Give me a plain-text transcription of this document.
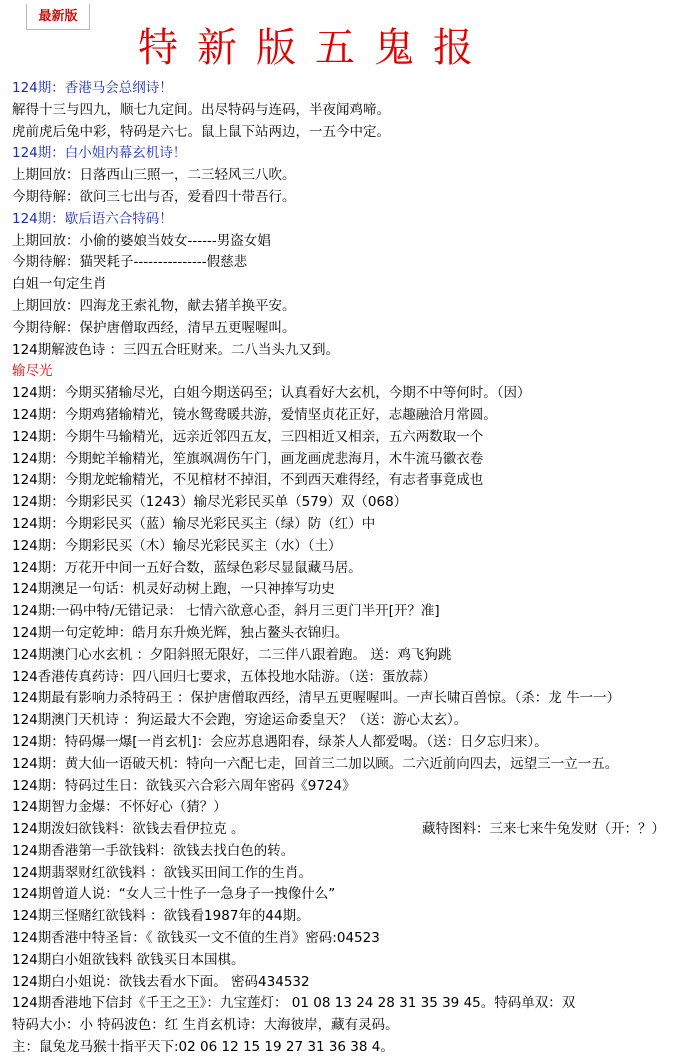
最新版
特新版五鬼报
124期：香港马会总纲诗！
解得十三与四九，顺七九定间。出尽特码与连码，半夜闻鸡啼。
虎前虎后兔中彩，特码是六七。鼠上鼠下站两边，一五今中定。
124期：白小姐内幕玄机诗！
上期回放：日落西山三照一，二三轻风三八吹。
今期待解：欲问三七出与否，爱看四十带吾行。
124期：歇后语六合特码！
上期回放：小偷的婆娘当妓女------男盗女娼
今期待解：猫哭耗子---------------假慈悲
白姐一句定生肖
上期回放：四海龙王索礼物，献去猪羊换平安。
今期待解：保护唐僧取西经，清早五更喔喔叫。
124期解波色诗 ：三四五合旺财来。二八当头九又到。
输尽光
124期：今期买猪输尽光，白姐今期送码至；认真看好大玄机，今期不中等何时。（因）
124期：今期鸡猪输精光，镜水鸳鸯暖共游，爱情坚贞花正好，志趣融洽月常圆。
124期：今期牛马输精光，远亲近邻四五友，三四相近又相亲，五六两数取一个
124期：今期蛇羊输精光，笙旗飒凋伤午门，画龙画虎悲海月，木牛流马徽衣卷
124期：今期龙蛇输精光，不见棺材不掉泪，不到西天难得经，有志者事竟成也
124期：今期彩民买（1243）输尽光彩民买单（579）双（068）
124期：今期彩民买（蓝）输尽光彩民买主（绿）防（红）中
124期：今期彩民买（木）输尽光彩民买主（水）（土）
124期：万花开中间一五好合数，蓝绿色彩尽显鼠藏马居。
124期澳足一句话：机灵好动树上跑，一只神捧写功史
124期:一码中特/无错记录： 七情六欲意心歪，斜月三更门半开[开？准]
124期一句定乾坤：皓月东升焕光辉，独占鳌头衣锦归。
124期澳门心水玄机 ：夕阳斜照无限好，二三伴八跟着跑。 送：鸡飞狗跳
124香港传真药诗：四八回归七要求，五体投地水陆游。（送：蛋放蒜）
124期最有影响力杀特码王 ：保护唐僧取西经，清早五更喔喔叫。一声长啸百兽惊。（杀：龙 牛一一）
124期澳门天机诗 ：狗运最大不会跑，穷途运命委皇天？（送：游心太玄）。
124期：特码爆一爆[一肖玄机]：会应苏息遇阳春，绿茶人人都爱喝。（送：日夕忘归来）。
124期：黄大仙一语破天机：特向一六配七走，回首三二加以顾。二六近前向四去，远望三一立一五。
124期：特码过生日：欲钱买六合彩六周年密码《9724》
124期智力金爆：不怀好心（猜？）
124期泼妇欲钱料：欲钱去看伊拉克 。	藏特图料：三来七来牛兔发财（开：？）
124期香港第一手欲钱料：欲钱去找白色的转。
124期翡翠财红欲钱料 ：欲钱买田间工作的生肖。
124期曾道人说：“女人三十性子一急身子一拽像什么”
124期三怪赌红欲钱料 ：欲钱看1987年的44期。
124期香港中特圣旨：《 欲钱买一文不值的生肖》密码:04523
124期白小姐欲钱料 欲钱买日本国棋。
124期白小姐说：欲钱去看水下面。 密码434532
124期香港地下信封《千王之王》：九宝莲灯： 01 08 13 24 28 31 35 39 45。特码单双：双
特码大小：小 特码波色：红 生肖玄机诗：大海彼岸，藏有灵码。
主：鼠兔龙马猴十指平天下:02 06 12 15 19 27 31 36 38 4。
